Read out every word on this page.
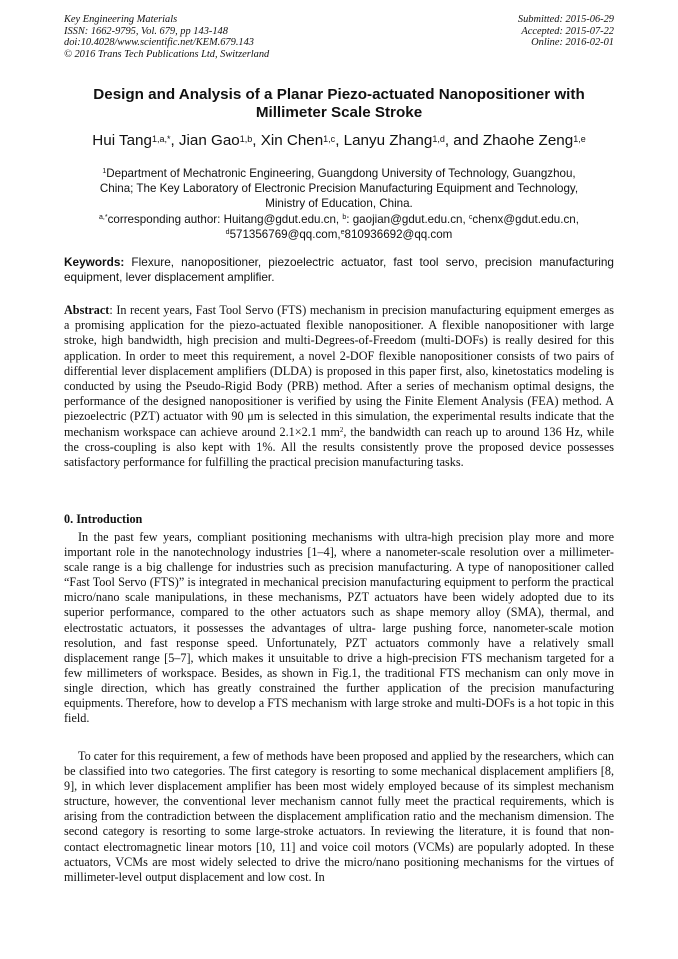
Key Engineering Materials
ISSN: 1662-9795, Vol. 679, pp 143-148
doi:10.4028/www.scientific.net/KEM.679.143
© 2016 Trans Tech Publications Ltd, Switzerland
Submitted: 2015-06-29
Accepted: 2015-07-22
Online: 2016-02-01
Design and Analysis of a Planar Piezo-actuated Nanopositioner with Millimeter Scale Stroke
Hui Tang$^{1,a,*}$, Jian Gao$^{1,b}$, Xin Chen$^{1,c}$, Lanyu Zhang$^{1,d}$, and Zhaohe Zeng$^{1,e}$
$^1$Department of Mechatronic Engineering, Guangdong University of Technology, Guangzhou,
China; The Key Laboratory of Electronic Precision Manufacturing Equipment and Technology,
Ministry of Education, China.
$^{a,*}$corresponding author: Huitang@gdut.edu.cn, $^b$: gaojian@gdut.edu.cn, $^c$chenx@gdut.edu.cn,
$^d$571356769@qq.com,$^e$810936692@qq.com
Keywords: Flexure, nanopositioner, piezoelectric actuator, fast tool servo, precision manufacturing equipment, lever displacement amplifier.
Abstract: In recent years, Fast Tool Servo (FTS) mechanism in precision manufacturing equipment emerges as a promising application for the piezo-actuated flexible nanopositioner. A flexible nanopositioner with large stroke, high bandwidth, high precision and multi-Degrees-of-Freedom (multi-DOFs) is really desired for this application. In order to meet this requirement, a novel 2-DOF flexible nanopositioner consists of two pairs of differential lever displacement amplifiers (DLDA) is proposed in this paper first, also, kinetostatics modeling is conducted by using the Pseudo-Rigid Body (PRB) method. After a series of mechanism optimal designs, the performance of the designed nanopositioner is verified by using the Finite Element Analysis (FEA) method. A piezoelectric (PZT) actuator with 90 μm is selected in this simulation, the experimental results indicate that the mechanism workspace can achieve around 2.1×2.1 $mm^2$, the bandwidth can reach up to around 136 Hz, while the cross-coupling is also kept with 1%. All the results consistently prove the proposed device possesses satisfactory performance for fulfilling the practical precision manufacturing tasks.
0. Introduction
In the past few years, compliant positioning mechanisms with ultra-high precision play more and more important role in the nanotechnology industries [1–4], where a nanometer-scale resolution over a millimeter-scale range is a big challenge for industries such as precision manufacturing. A type of nanopositioner called “Fast Tool Servo (FTS)” is integrated in mechanical precision manufacturing equipment to perform the practical micro/nano scale manipulations, in these mechanisms, PZT actuators have been widely adopted due to its superior performance, compared to the other actuators such as shape memory alloy (SMA), thermal, and electrostatic actuators, it possesses the advantages of ultra- large pushing force, nanometer-scale motion resolution, and fast response speed. Unfortunately, PZT actuators commonly have a relatively small displacement range [5–7], which makes it unsuitable to drive a high-precision FTS mechanism targeted for a few millimeters of workspace. Besides, as shown in Fig.1, the traditional FTS mechanism can only move in single direction, which has greatly constrained the further application of the precision manufacturing equipments. Therefore, how to develop a FTS mechanism with large stroke and multi-DOFs is a hot topic in this field.
To cater for this requirement, a few of methods have been proposed and applied by the researchers, which can be classified into two categories. The first category is resorting to some mechanical displacement amplifiers [8, 9], in which lever displacement amplifier has been most widely employed because of its simplest mechanism structure, however, the conventional lever mechanism cannot fully meet the practical requirements, which is arising from the contradiction between the displacement amplification ratio and the mechanism dimension. The second category is resorting to some large-stroke actuators. In reviewing the literature, it is found that non-contact electromagnetic linear motors [10, 11] and voice coil motors (VCMs) are popularly adopted. In these actuators, VCMs are most widely selected to drive the micro/nano positioning mechanisms for the virtues of millimeter-level output displacement and low cost. In
